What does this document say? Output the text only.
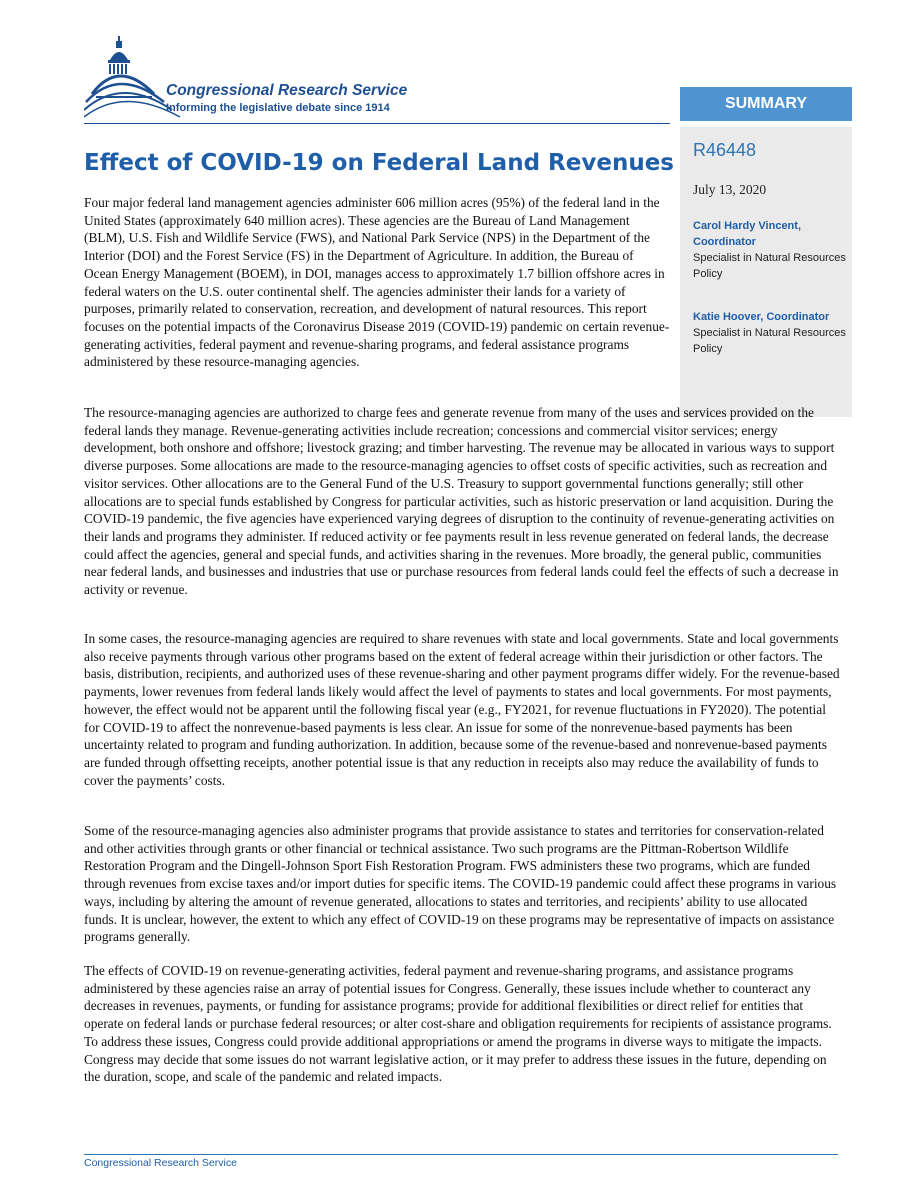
Congressional Research Service
Informing the legislative debate since 1914	SUMMARY
R46448
July 13, 2020
Carol Hardy Vincent, Coordinator
Specialist in Natural Resources Policy
Katie Hoover, Coordinator
Specialist in Natural Resources Policy
Effect of COVID-19 on Federal Land Revenues

Four major federal land management agencies administer 606 million acres (95%) of the federal land in the United States (approximately 640 million acres). These agencies are the Bureau of Land Management (BLM), U.S. Fish and Wildlife Service (FWS), and National Park Service (NPS) in the Department of the Interior (DOI) and the Forest Service (FS) in the Department of Agriculture. In addition, the Bureau of Ocean Energy Management (BOEM), in DOI, manages access to approximately 1.7 billion offshore acres in federal waters on the U.S. outer continental shelf. The agencies administer their lands for a variety of purposes, primarily related to conservation, recreation, and development of natural resources. This report focuses on the potential impacts of the Coronavirus Disease 2019 (COVID-19) pandemic on certain revenue-generating activities, federal payment and revenue-sharing programs, and federal assistance programs administered by these resource-managing agencies.

The resource-managing agencies are authorized to charge fees and generate revenue from many of the uses and services provided on the federal lands they manage. Revenue-generating activities include recreation; concessions and commercial visitor services; energy development, both onshore and offshore; livestock grazing; and timber harvesting. The revenue may be allocated in various ways to support diverse purposes. Some allocations are made to the resource-managing agencies to offset costs of specific activities, such as recreation and visitor services. Other allocations are to the General Fund of the U.S. Treasury to support governmental functions generally; still other allocations are to special funds established by Congress for particular activities, such as historic preservation or land acquisition. During the COVID-19 pandemic, the five agencies have experienced varying degrees of disruption to the continuity of revenue-generating activities on their lands and programs they administer. If reduced activity or fee payments result in less revenue generated on federal lands, the decrease could affect the agencies, general and special funds, and activities sharing in the revenues. More broadly, the general public, communities near federal lands, and businesses and industries that use or purchase resources from federal lands could feel the effects of such a decrease in activity or revenue.

In some cases, the resource-managing agencies are required to share revenues with state and local governments. State and local governments also receive payments through various other programs based on the extent of federal acreage within their jurisdiction or other factors. The basis, distribution, recipients, and authorized uses of these revenue-sharing and other payment programs differ widely. For the revenue-based payments, lower revenues from federal lands likely would affect the level of payments to states and local governments. For most payments, however, the effect would not be apparent until the following fiscal year (e.g., FY2021, for revenue fluctuations in FY2020). The potential for COVID-19 to affect the nonrevenue-based payments is less clear. An issue for some of the nonrevenue-based payments has been uncertainty related to program and funding authorization. In addition, because some of the revenue-based and nonrevenue-based payments are funded through offsetting receipts, another potential issue is that any reduction in receipts also may reduce the availability of funds to cover the payments’ costs.

Some of the resource-managing agencies also administer programs that provide assistance to states and territories for conservation-related and other activities through grants or other financial or technical assistance. Two such programs are the Pittman-Robertson Wildlife Restoration Program and the Dingell-Johnson Sport Fish Restoration Program. FWS administers these two programs, which are funded through revenues from excise taxes and/or import duties for specific items. The COVID-19 pandemic could affect these programs in various ways, including by altering the amount of revenue generated, allocations to states and territories, and recipients’ ability to use allocated funds. It is unclear, however, the extent to which any effect of COVID-19 on these programs may be representative of impacts on assistance programs generally.

The effects of COVID-19 on revenue-generating activities, federal payment and revenue-sharing programs, and assistance programs administered by these agencies raise an array of potential issues for Congress. Generally, these issues include whether to counteract any decreases in revenues, payments, or funding for assistance programs; provide for additional flexibilities or direct relief for entities that operate on federal lands or purchase federal resources; or alter cost-share and obligation requirements for recipients of assistance programs. To address these issues, Congress could provide additional appropriations or amend the programs in diverse ways to mitigate the impacts. Congress may decide that some issues do not warrant legislative action, or it may prefer to address these issues in the future, depending on the duration, scope, and scale of the pandemic and related impacts.

Congressional Research Service
